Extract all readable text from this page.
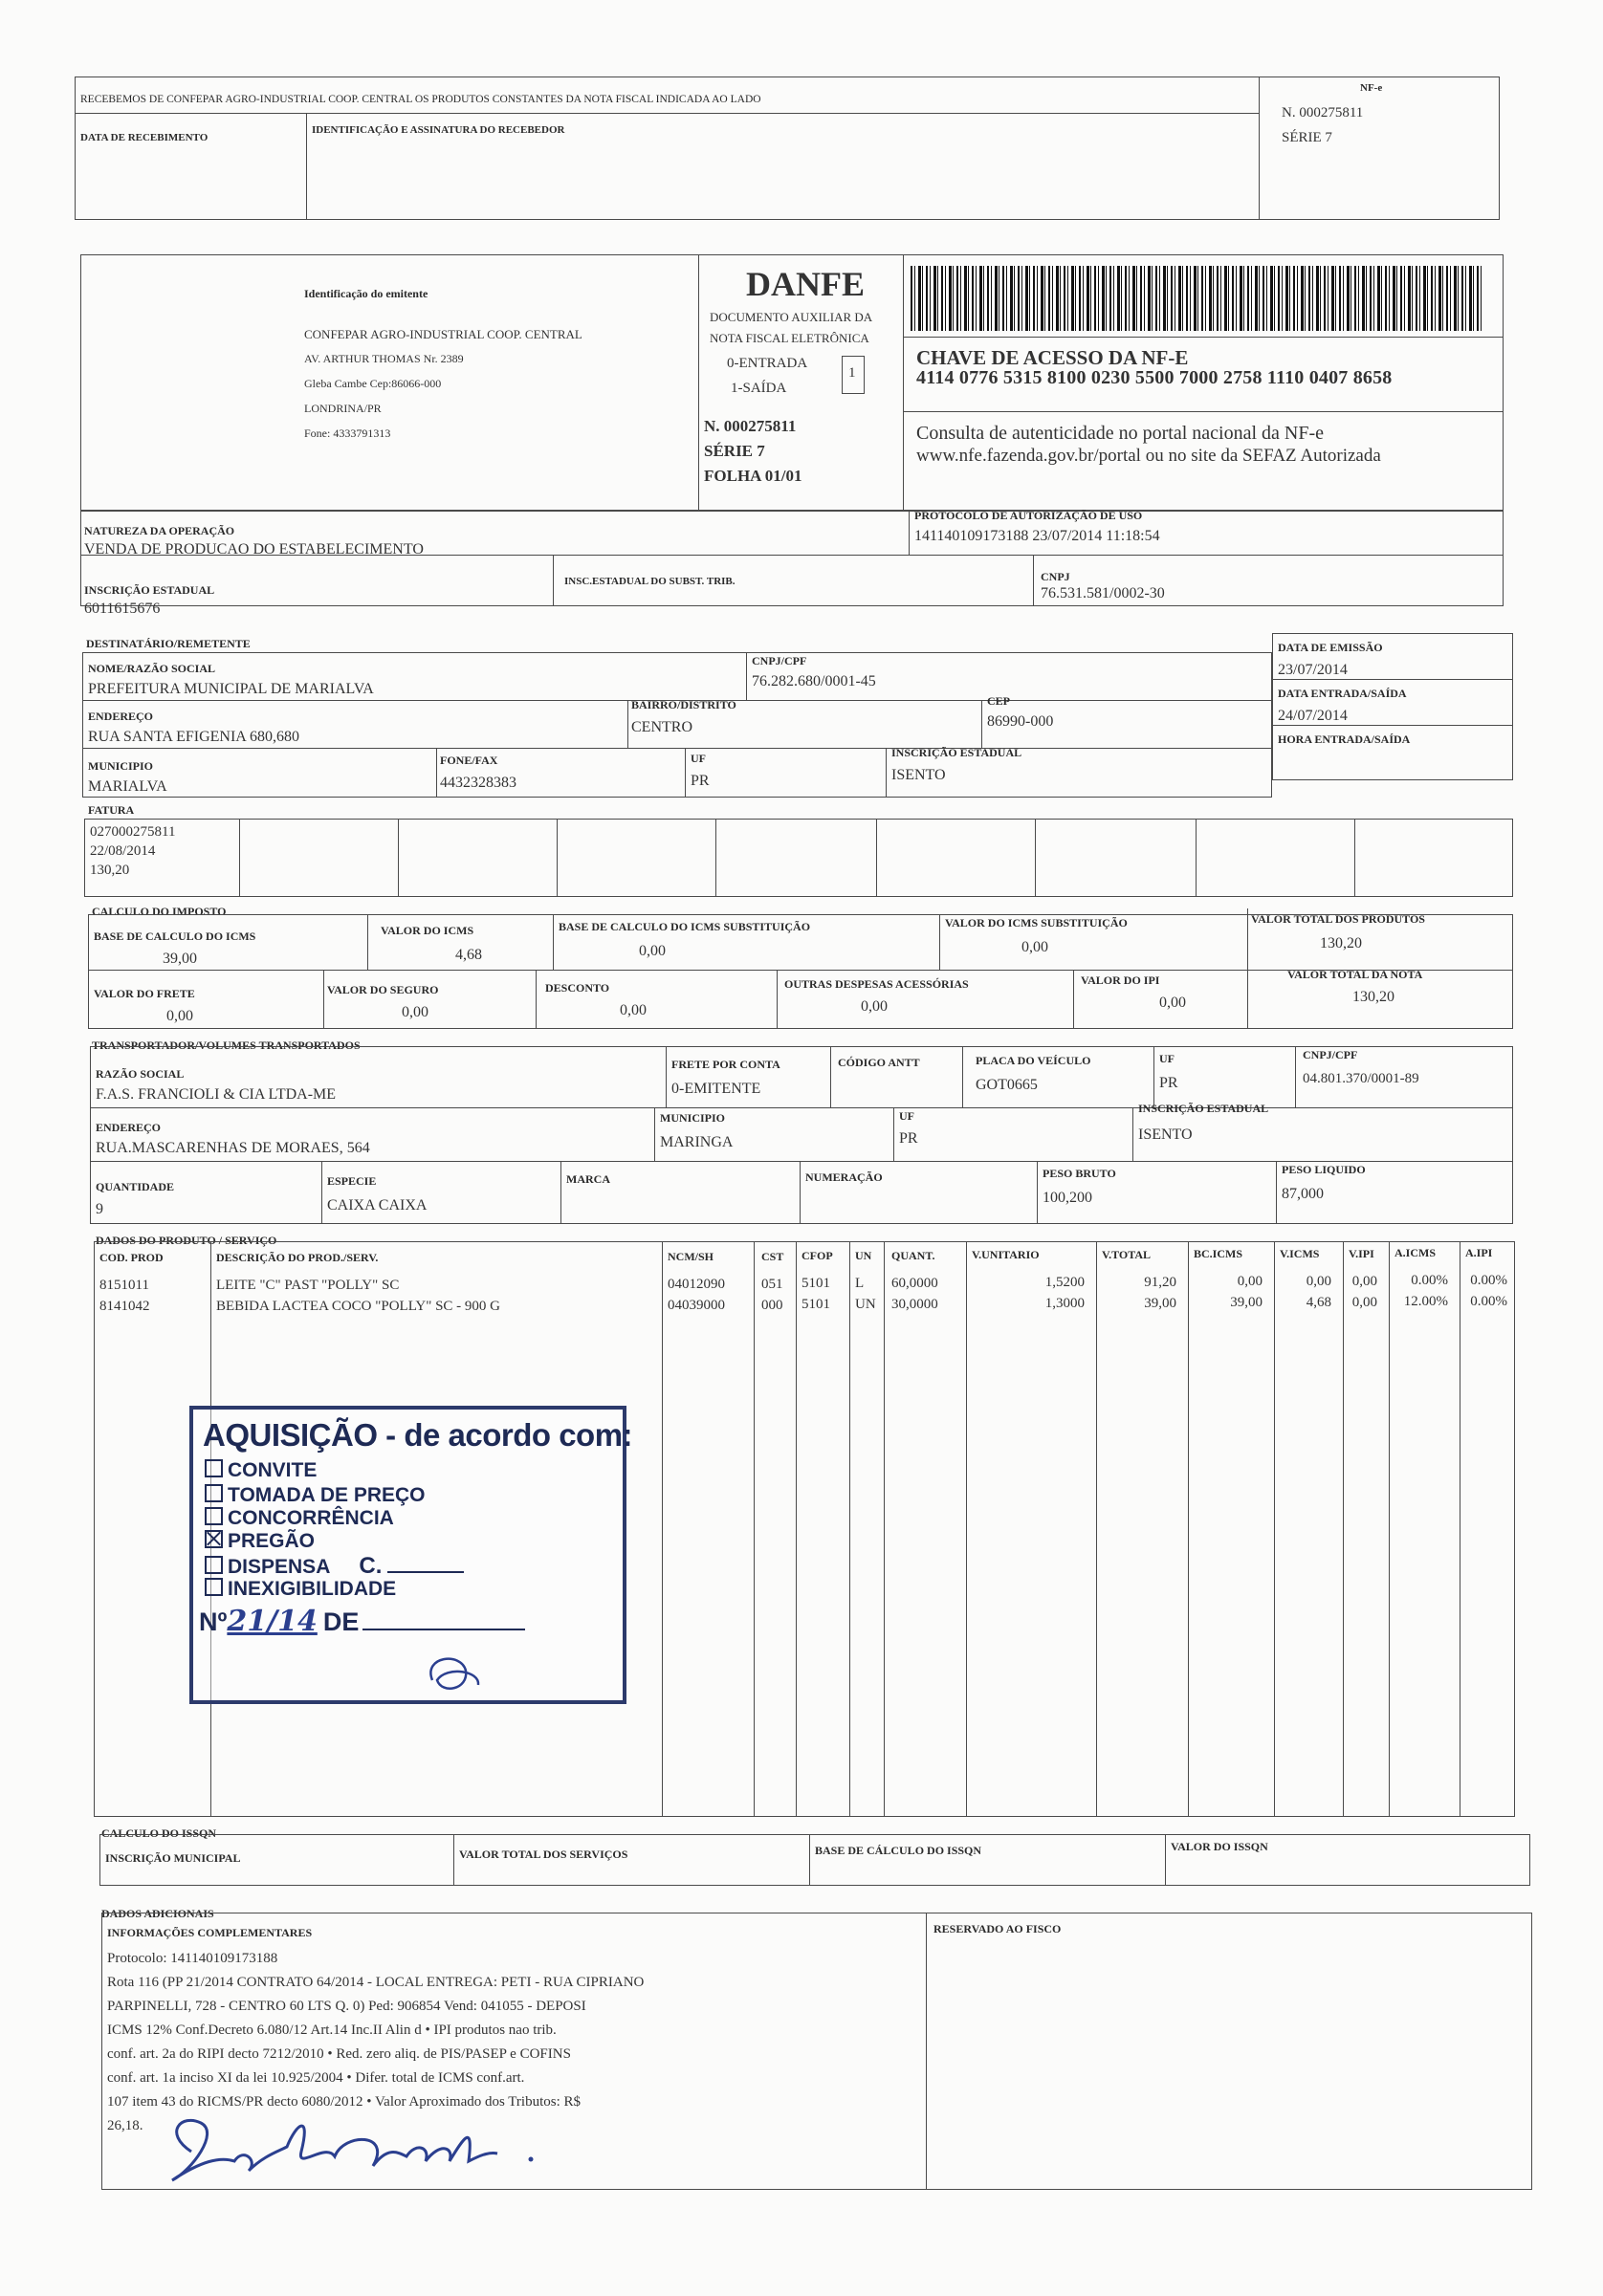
RECEBEMOS DE CONFEPAR AGRO-INDUSTRIAL COOP. CENTRAL OS PRODUTOS CONSTANTES DA NOTA FISCAL INDICADA AO LADO
DATA DE RECEBIMENTO
IDENTIFICAÇÃO E ASSINATURA DO RECEBEDOR
NF-e
N. 000275811
SÉRIE 7
Identificação do emitente
CONFEPAR AGRO-INDUSTRIAL COOP. CENTRAL
AV. ARTHUR THOMAS Nr. 2389
Gleba Cambe Cep:86066-000
LONDRINA/PR
Fone: 4333791313
DANFE
DOCUMENTO AUXILIAR DA
NOTA FISCAL ELETRÔNICA
0-ENTRADA
1-SAÍDA
1
N. 000275811
SÉRIE 7
FOLHA 01/01
CHAVE DE ACESSO DA NF-E
4114 0776 5315 8100 0230 5500 7000 2758 1110 0407 8658
Consulta de autenticidade no portal nacional da NF-e
www.nfe.fazenda.gov.br/portal ou no site da SEFAZ Autorizada
NATUREZA DA OPERAÇÃO
VENDA DE PRODUCAO DO ESTABELECIMENTO
PROTOCOLO DE AUTORIZAÇÃO DE USO
141140109173188 23/07/2014 11:18:54
INSCRIÇÃO ESTADUAL
6011615676
INSC.ESTADUAL DO SUBST. TRIB.	CNPJ
76.531.581/0002-30
DESTINATÁRIO/REMETENTE
NOME/RAZÃO SOCIAL
PREFEITURA MUNICIPAL DE MARIALVA
CNPJ/CPF
76.282.680/0001-45
DATA DE EMISSÃO
23/07/2014
ENDEREÇO
RUA SANTA EFIGENIA 680,680
BAIRRO/DISTRITO
CENTRO
CEP
86990-000
DATA ENTRADA/SAÍDA
24/07/2014
HORA ENTRADA/SAÍDA
MUNICIPIO
MARIALVA
FONE/FAX
4432328383
UF
PR
INSCRIÇÃO ESTADUAL
ISENTO
FATURA
027000275811
22/08/2014
130,20
CALCULO DO IMPOSTO
BASE DE CALCULO DO ICMS
39,00
VALOR DO ICMS
4,68
BASE DE CALCULO DO ICMS SUBSTITUIÇÃO
0,00
VALOR DO ICMS SUBSTITUIÇÃO
0,00
VALOR TOTAL DOS PRODUTOS
130,20
VALOR DO FRETE
0,00
VALOR DO SEGURO
0,00
DESCONTO
0,00
OUTRAS DESPESAS ACESSÓRIAS
0,00
VALOR DO IPI
0,00
VALOR TOTAL DA NOTA
130,20
TRANSPORTADOR/VOLUMES TRANSPORTADOS
RAZÃO SOCIAL
F.A.S. FRANCIOLI & CIA LTDA-ME
FRETE POR CONTA
0-EMITENTE
CÓDIGO ANTT	PLACA DO VEÍCULO
GOT0665
UF
PR
CNPJ/CPF
04.801.370/0001-89
ENDEREÇO
RUA.MASCARENHAS DE MORAES, 564
MUNICIPIO
MARINGA
UF
PR
INSCRIÇÃO ESTADUAL
ISENTO
QUANTIDADE
9
ESPECIE
CAIXA CAIXA
MARCA	NUMERAÇÃO	PESO BRUTO
100,200
PESO LIQUIDO
87,000
DADOS DO PRODUTO / SERVIÇO
COD. PROD	DESCRIÇÃO DO PROD./SERV.	NCM/SH	CST CFOP UN QUANT.	V.UNITARIO	V.TOTAL	BC.ICMS	V.ICMS	V.IPI A.ICMS	A.IPI
8151011	LEITE "C" PAST "POLLY" SC	04012090	051 5101 L 60,0000	1,5200	91,20	0,00	0,00 0,00 0.00% 0.00%
8141042	BEBIDA LACTEA COCO "POLLY" SC - 900 G	04039000	000 5101 UN 30,0000	1,3000	39,00	39,00	4,68 0,00 12.00% 0.00%
AQUISIÇÃO - de acordo com:
CONVITE
TOMADA DE PREÇO
CONCORRÊNCIA
PREGÃO
DISPENSA C.
INEXIGIBILIDADE
Nº21/14 DE
CALCULO DO ISSQN
INSCRIÇÃO MUNICIPAL	VALOR TOTAL DOS SERVIÇOS	BASE DE CÁLCULO DO ISSQN	VALOR DO ISSQN
DADOS ADICIONAIS
INFORMAÇÕES COMPLEMENTARES	RESERVADO AO FISCO
Protocolo: 141140109173188
Rota 116 (PP 21/2014 CONTRATO 64/2014 - LOCAL ENTREGA: PETI - RUA CIPRIANO
PARPINELLI, 728 - CENTRO 60 LTS Q. 0) Ped: 906854 Vend: 041055 - DEPOSI
ICMS 12% Conf.Decreto 6.080/12 Art.14 Inc.II Alin d • IPI produtos nao trib.
conf. art. 2a do RIPI decto 7212/2010 • Red. zero aliq. de PIS/PASEP e COFINS
conf. art. 1a inciso XI da lei 10.925/2004 • Difer. total de ICMS conf.art.
107 item 43 do RICMS/PR decto 6080/2012 • Valor Aproximado dos Tributos: R$
26,18.
